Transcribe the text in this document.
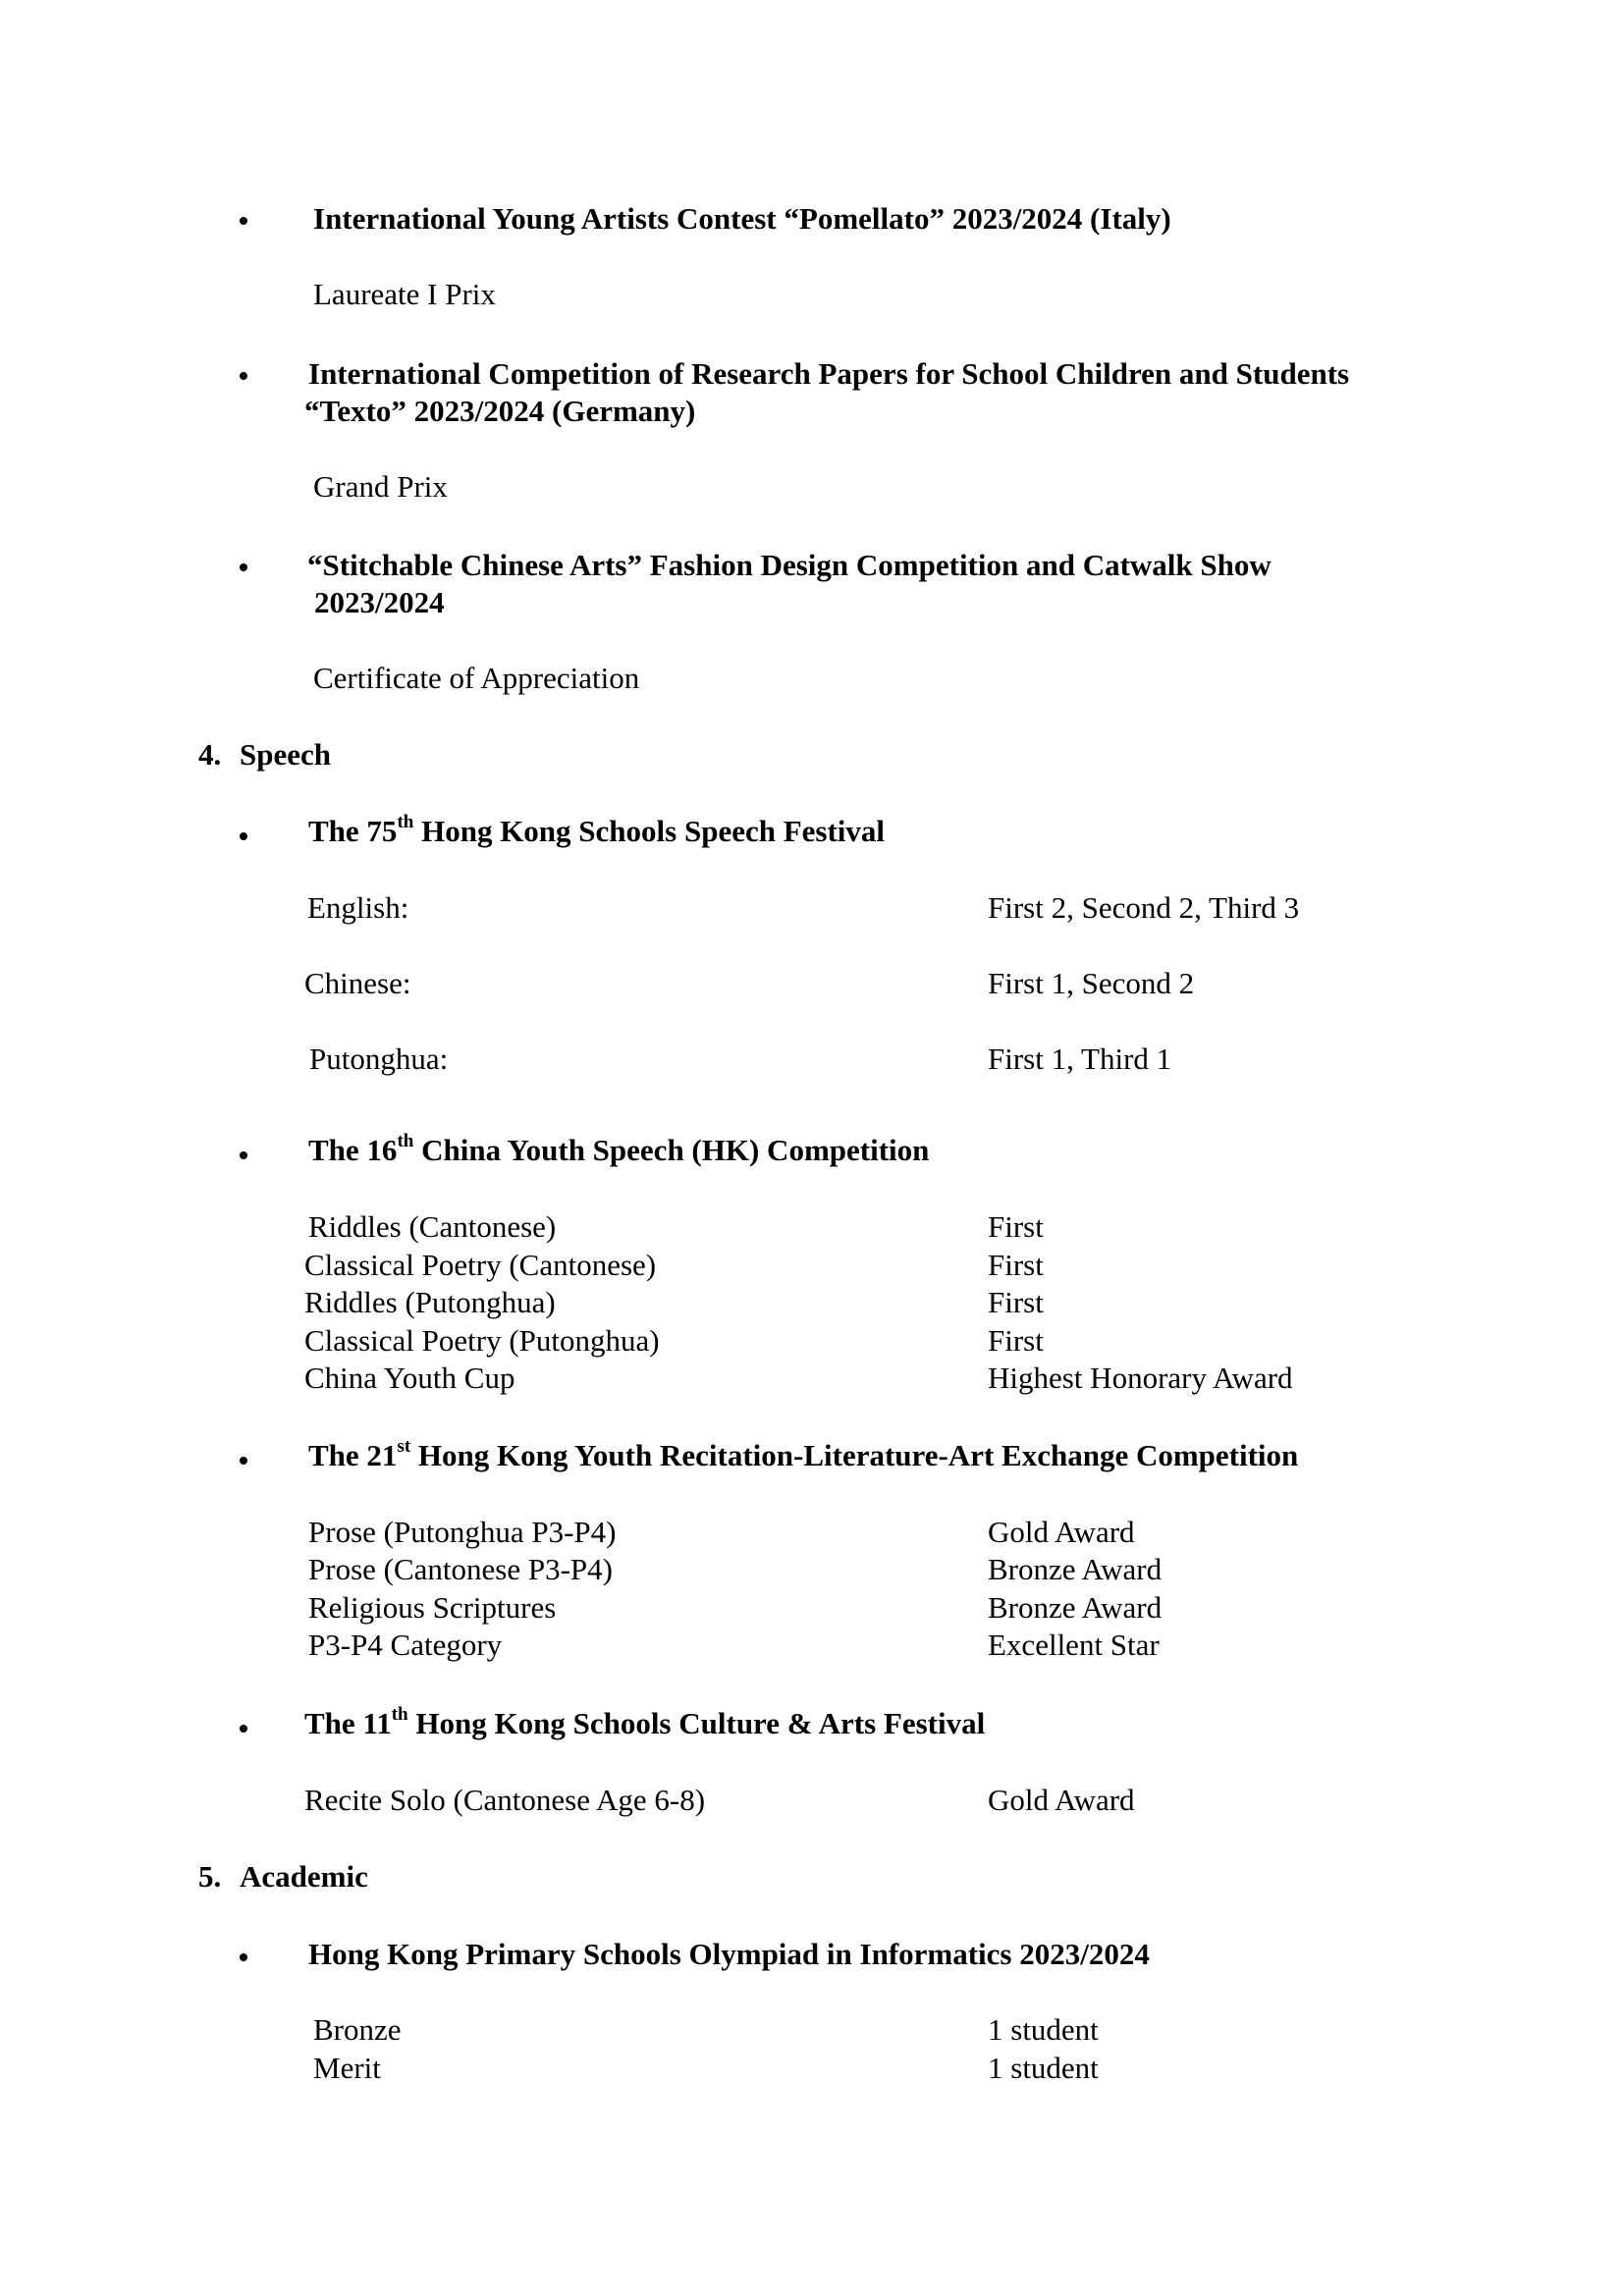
International Young Artists Contest “Pomellato” 2023/2024 (Italy)
Laureate I Prix
International Competition of Research Papers for School Children and Students
“Texto” 2023/2024 (Germany)
Grand Prix
“Stitchable Chinese Arts” Fashion Design Competition and Catwalk Show
2023/2024
Certificate of Appreciation
4. Speech
The 75th Hong Kong Schools Speech Festival
English:	First 2, Second 2, Third 3
Chinese:	First 1, Second 2
Putonghua:	First 1, Third 1
The 16th China Youth Speech (HK) Competition
Riddles (Cantonese)	First
Classical Poetry (Cantonese)	First
Riddles (Putonghua)	First
Classical Poetry (Putonghua)	First
China Youth Cup	Highest Honorary Award
The 21st Hong Kong Youth Recitation-Literature-Art Exchange Competition
Prose (Putonghua P3-P4)	Gold Award
Prose (Cantonese P3-P4)	Bronze Award
Religious Scriptures	Bronze Award
P3-P4 Category	Excellent Star
The 11th Hong Kong Schools Culture & Arts Festival
Recite Solo (Cantonese Age 6-8)	Gold Award
5. Academic
Hong Kong Primary Schools Olympiad in Informatics 2023/2024
Bronze	1 student
Merit	1 student
